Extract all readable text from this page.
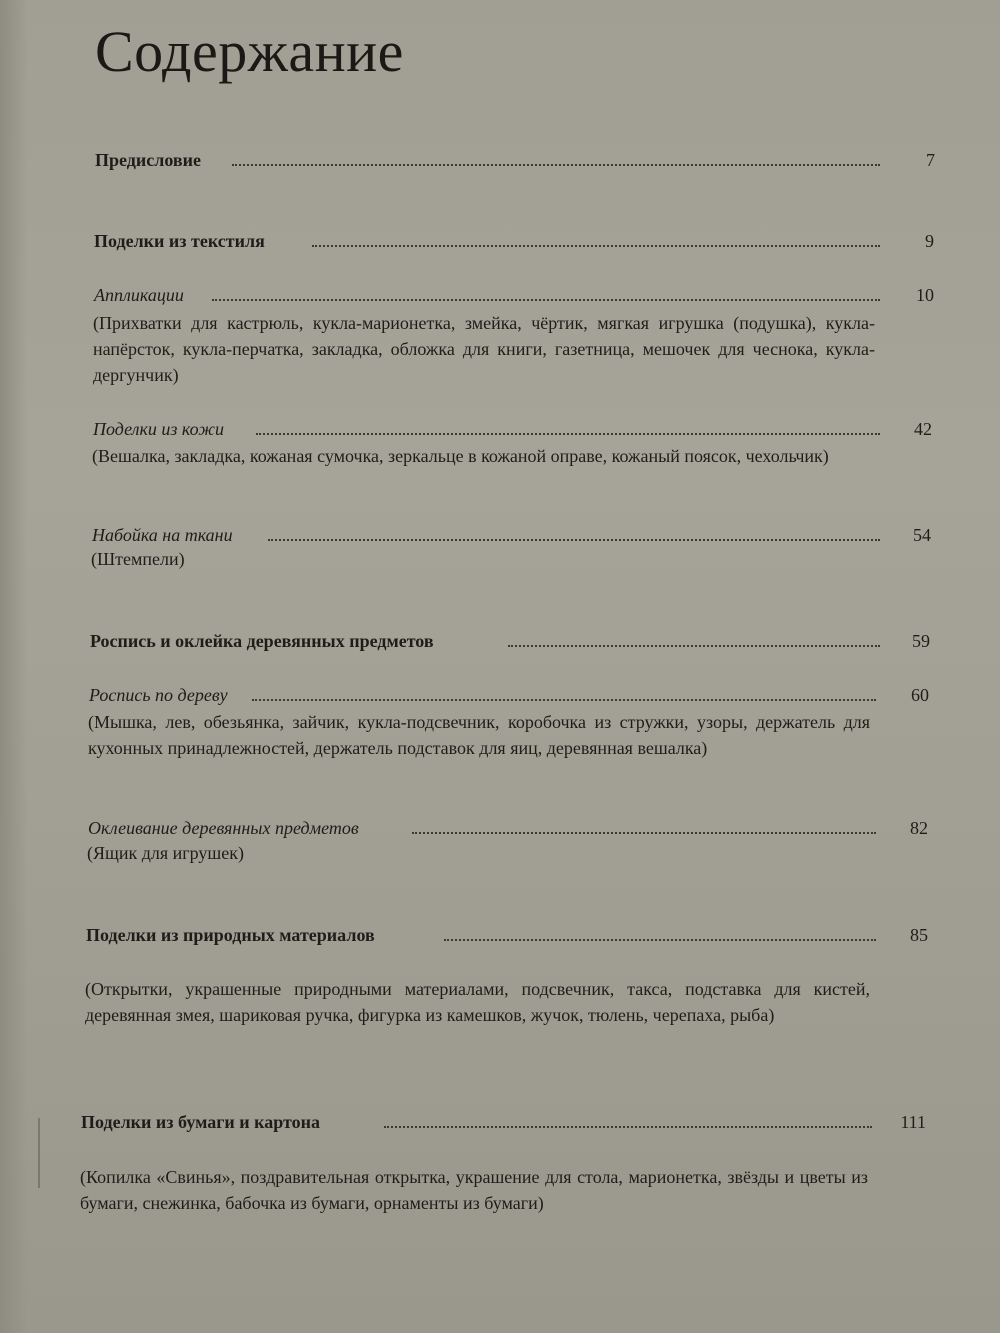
Содержание
Предисловие	7
Поделки из текстиля	9
Аппликации	10

(Прихватки для кастрюль, кукла-марионетка, змейка, чёртик, мягкая игрушка (подушка), кукла-напёрсток, кукла-перчатка, закладка, обложка для книги, газетница, мешочек для чеснока, кукла-дергунчик)

Поделки из кожи	42

(Вешалка, закладка, кожаная сумочка, зеркальце в кожаной оправе, кожаный поясок, чехольчик)

Набойка на ткани	54

(Штемпели)

Роспись и оклейка деревянных предметов	59
Роспись по дереву	60

(Мышка, лев, обезьянка, зайчик, кукла-подсвечник, коробочка из стружки, узоры, держатель для кухонных принадлежностей, держатель подставок для яиц, деревянная вешалка)

Оклеивание деревянных предметов	82

(Ящик для игрушек)

Поделки из природных материалов	85

(Открытки, украшенные природными материалами, подсвечник, такса, подставка для кистей, деревянная змея, шариковая ручка, фигурка из камешков, жучок, тюлень, черепаха, рыба)

Поделки из бумаги и картона	111

(Копилка «Свинья», поздравительная открытка, украшение для стола, марионетка, звёзды и цветы из бумаги, снежинка, бабочка из бумаги, орнаменты из бумаги)
